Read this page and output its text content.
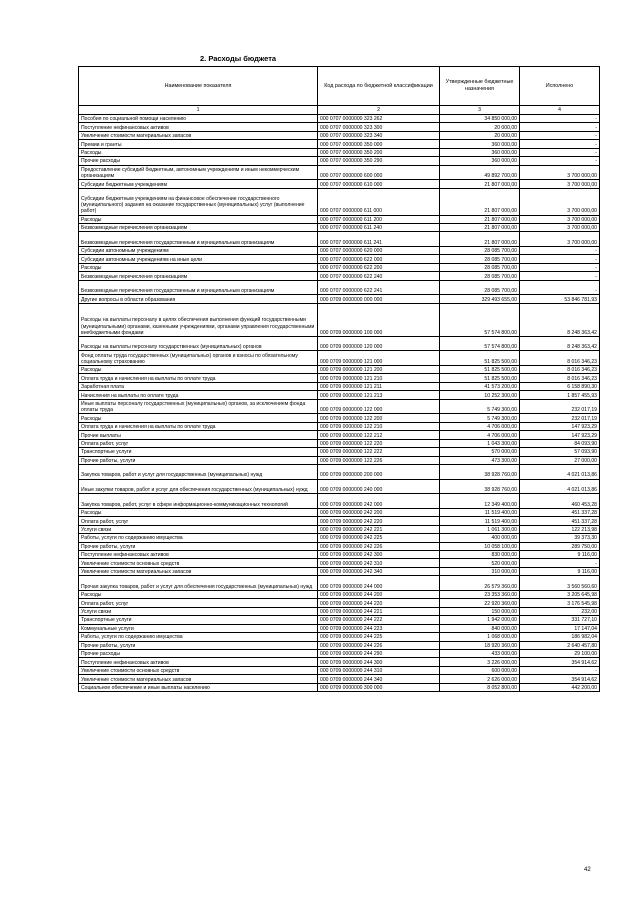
2. Расходы бюджета
Наименование показателя	Код расхода по бюджетной классификации	Утвержденные бюджетные назначения	Исполнено
1	2	3	4
Пособия по социальной помощи населению	000 0707 0000000 323 262	34 850 000,00	-
Поступление нефинансовых активов	000 0707 0000000 323 300	20 000,00	-
Увеличение стоимости материальных запасов	000 0707 0000000 323 340	20 000,00	-
Премии и гранты	000 0707 0000000 350 000	360 000,00	-
Расходы	000 0707 0000000 350 200	360 000,00	-
Прочие расходы	000 0707 0000000 350 290	360 000,00	-
Предоставление субсидий бюджетным, автономным учреждениям и иным некоммерческим организациям	000 0707 0000000 600 000	49 892 700,00	3 700 000,00
Субсидии бюджетным учреждениям	000 0707 0000000 610 000	21 807 000,00	3 700 000,00
Субсидии бюджетным учреждениям на финансовое обеспечение государственного (муниципального) задания на оказание государственных (муниципальных) услуг (выполнение работ)	000 0707 0000000 611 000	21 807 000,00	3 700 000,00
Расходы	000 0707 0000000 611 200	21 807 000,00	3 700 000,00
Безвозмездные перечисления организациям	000 0707 0000000 611 240	21 807 000,00	3 700 000,00
Безвозмездные перечисления государственным и муниципальным организациям	000 0707 0000000 611 241	21 807 000,00	3 700 000,00
Субсидии автономным учреждениям	000 0707 0000000 620 000	28 085 700,00	-
Субсидии автономным учреждениям на иные цели	000 0707 0000000 622 000	28 085 700,00	-
Расходы	000 0707 0000000 622 200	28 085 700,00	-
Безвозмездные перечисления организациям	000 0707 0000000 622 240	28 085 700,00	-
Безвозмездные перечисления государственным и муниципальным организациям	000 0707 0000000 622 241	28 085 700,00	-
Другие вопросы в области образования	000 0709 0000000 000 000	329 493 655,00	53 846 781,93
Расходы на выплаты персоналу в целях обеспечения выполнения функций государственными (муниципальными) органами, казенными учреждениями, органами управления государственными внебюджетными фондами	000 0709 0000000 100 000	57 574 800,00	8 248 363,42
Расходы на выплаты персоналу государственных (муниципальных) органов	000 0709 0000000 120 000	57 574 800,00	8 248 363,42
Фонд оплаты труда государственных (муниципальных) органов и взносы по обязательному социальному страхованию	000 0709 0000000 121 000	51 825 500,00	8 016 346,23
Расходы	000 0709 0000000 121 200	51 825 500,00	8 016 346,23
Оплата труда и начисления на выплаты по оплате труда	000 0709 0000000 121 210	51 825 500,00	8 016 346,23
Заработная плата	000 0709 0000000 121 211	41 573 200,00	6 158 890,30
Начисления на выплаты по оплате труда	000 0709 0000000 121 213	10 252 300,00	1 857 455,93
Иные выплаты персоналу государственных (муниципальных) органов, за исключением фонда оплаты труда	000 0709 0000000 122 000	5 749 300,00	232 017,19
Расходы	000 0709 0000000 122 200	5 749 300,00	232 017,19
Оплата труда и начисления на выплаты по оплате труда	000 0709 0000000 122 210	4 706 000,00	147 923,29
Прочие выплаты	000 0709 0000000 122 212	4 706 000,00	147 923,29
Оплата работ, услуг	000 0709 0000000 122 220	1 043 300,00	84 093,90
Транспортные услуги	000 0709 0000000 122 222	570 000,00	57 093,90
Прочие работы, услуги	000 0709 0000000 122 226	473 300,00	27 000,00
Закупка товаров, работ и услуг для государственных (муниципальных) нужд	000 0709 0000000 200 000	38 928 760,00	4 021 013,86
Иные закупки товаров, работ и услуг для обеспечения государственных (муниципальных) нужд	000 0709 0000000 240 000	38 928 760,00	4 021 013,86
Закупка товаров, работ, услуг в сфере информационно-коммуникационных технологий	000 0709 0000000 242 000	12 349 400,00	460 453,28
Расходы	000 0709 0000000 242 200	11 519 400,00	451 337,28
Оплата работ, услуг	000 0709 0000000 242 220	11 519 400,00	451 337,28
Услуги связи	000 0709 0000000 242 221	1 061 300,00	122 213,98
Работы, услуги по содержанию имущества	000 0709 0000000 242 225	400 000,00	39 373,30
Прочие работы, услуги	000 0709 0000000 242 226	10 058 100,00	289 750,00
Поступление нефинансовых активов	000 0709 0000000 242 300	830 000,00	9 116,00
Увеличение стоимости основных средств	000 0709 0000000 242 310	520 000,00	-
Увеличение стоимости материальных запасов	000 0709 0000000 242 340	310 000,00	9 116,00
Прочая закупка товаров, работ и услуг для обеспечения государственных (муниципальных) нужд	000 0709 0000000 244 000	26 579 360,00	3 560 560,60
Расходы	000 0709 0000000 244 200	23 353 360,00	3 205 645,98
Оплата работ, услуг	000 0709 0000000 244 220	22 920 360,00	3 176 545,98
Услуги связи	000 0709 0000000 244 221	150 000,00	232,00
Транспортные услуги	000 0709 0000000 244 222	1 942 000,00	331 727,10
Коммунальные услуги	000 0709 0000000 244 223	840 000,00	17 147,04
Работы, услуги по содержанию имущества	000 0709 0000000 244 225	1 068 000,00	186 982,04
Прочие работы, услуги	000 0709 0000000 244 226	18 920 360,00	2 640 457,80
Прочие расходы	000 0709 0000000 244 290	433 000,00	29 100,00
Поступление нефинансовых активов	000 0709 0000000 244 300	3 226 000,00	354 914,62
Увеличение стоимости основных средств	000 0709 0000000 244 310	600 000,00	-
Увеличение стоимости материальных запасов	000 0709 0000000 244 340	2 626 000,00	354 914,62
Социальное обеспечение и иные выплаты населению	000 0709 0000000 300 000	8 052 800,00	442 200,00
42
